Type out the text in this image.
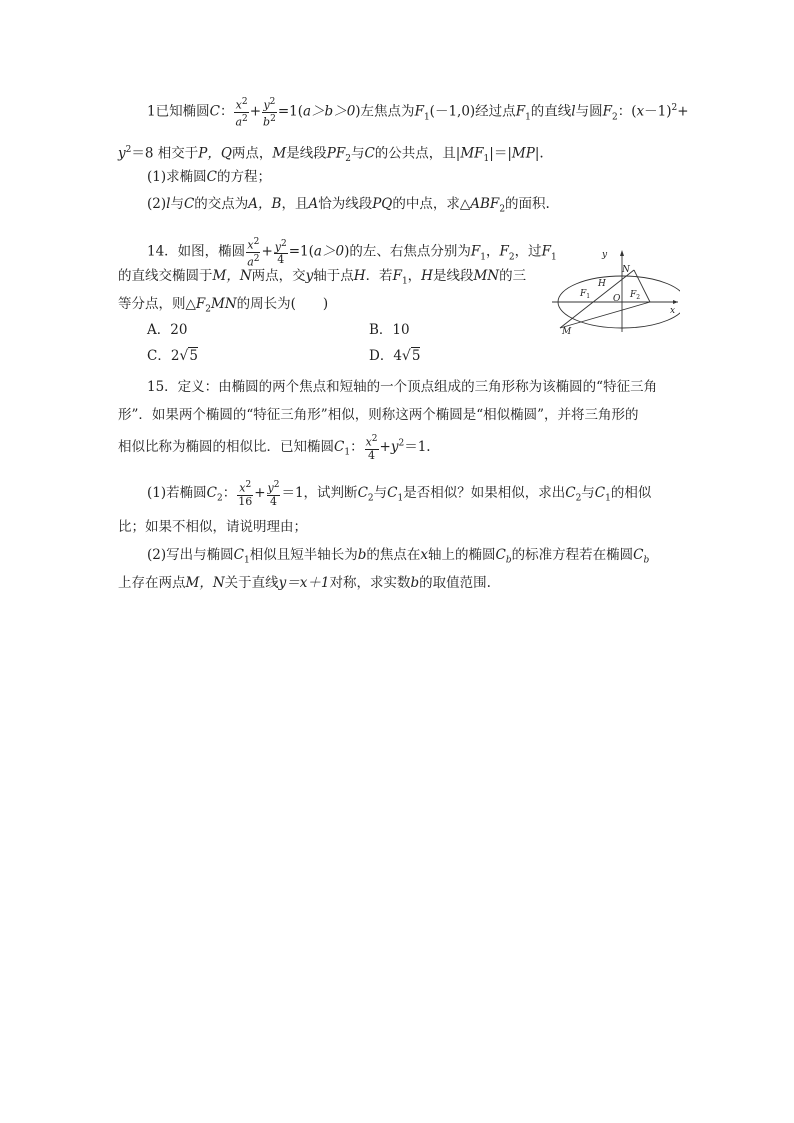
1已知椭圆C： $\frac{x^2}{a^2} + \frac{y^2}{b^2} =1(a>b>0)$左焦点为$F_1(-1,0)$经过点$F_1$的直线l与圆$F_2$：$(x-1)^2+$
$y^2=8$ 相交于P，Q两点，M是线段$PF_2$与C的公共点，且$|MF_1|=|MP|$.
(1)求椭圆C的方程；
(2)l与C的交点为A，B，且A恰为线段PQ的中点，求$\triangle ABF_2$的面积.
14．如图，椭圆 $\frac{x^2}{a^2} + \frac{y^2}{4} =1(a>0)$的左、右焦点分别为$F_1$，$F_2$，过$F_1$
的直线交椭圆于M，N两点，交y轴于点H．若$F_1$，H是线段MN的三
等分点，则$\triangle F_2MN$的周长为(　　)
A．20	B．10
C．2√5	D．4√5
y
x
N
H
O
M
$F_1$	$F_2$
15．定义：由椭圆的两个焦点和短轴的一个顶点组成的三角形称为该椭圆的“特征三角
形”．如果两个椭圆的“特征三角形”相似，则称这两个椭圆是“相似椭圆”，并将三角形的
相似比称为椭圆的相似比．已知椭圆$C_1$： $\frac{x^2}{4} +y^2=1$.
(1)若椭圆$C_2$： $\frac{x^2}{16} + \frac{y^2}{4} =1$，试判断$C_2$与$C_1$是否相似？如果相似，求出$C_2$与$C_1$的相似
比；如果不相似，请说明理由；
(2)写出与椭圆$C_1$相似且短半轴长为b的焦点在x轴上的椭圆$C_b$的标准方程若在椭圆$C_b$
上存在两点M，N关于直线y＝x＋1对称，求实数b的取值范围.
